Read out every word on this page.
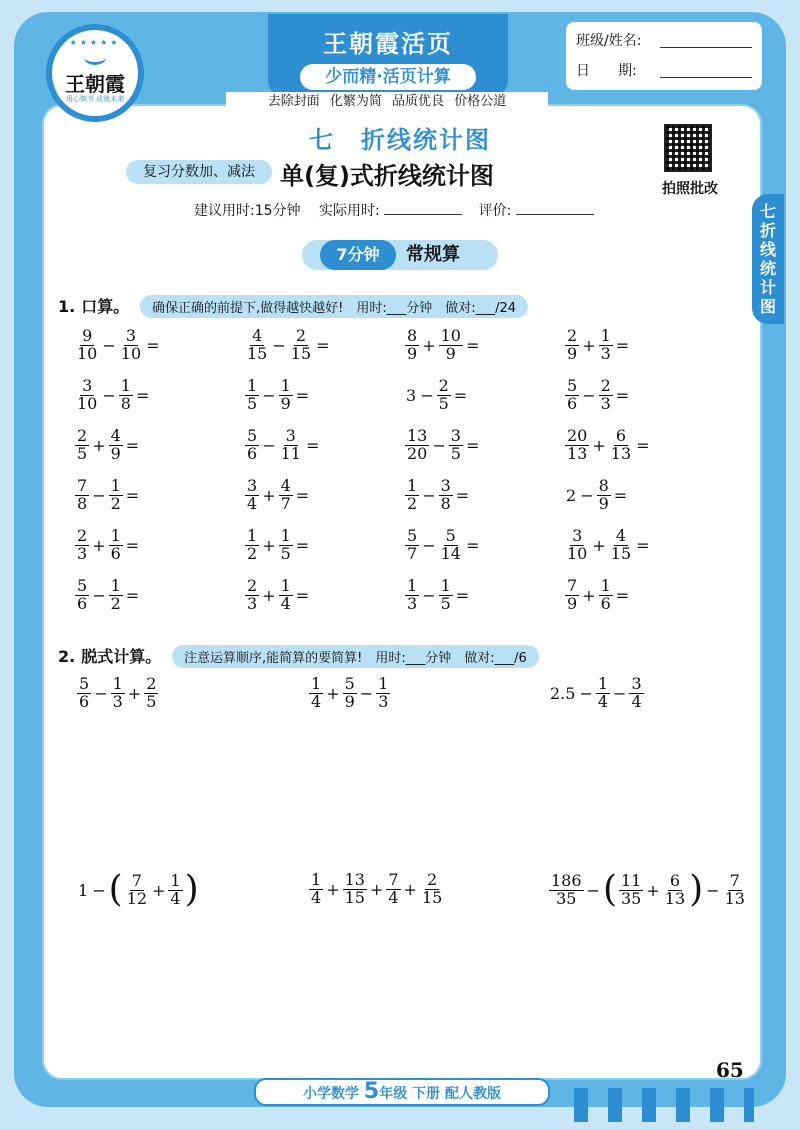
★★★★★
王朝霞
用心做书 成就未来
王朝霞活页
少而精·活页计算
班级/姓名:
日　　期:
去除封面 化繁为简 品质优良 价格公道
七　折线统计图
拍照批改
复习分数加、减法	单(复)式折线统计图
建议用时:15分钟 实际用时:	评价:	七折线统计图
7分钟	常规算
1. 口算。 确保正确的前提下,做得越快越好!　用时:___分钟　做对:___/24
$\frac{9}{10} - \frac{3}{10}$ =	$\frac{4}{15} - \frac{2}{15}$ =	$\frac{8}{9} + \frac{10}{9}$ =	$\frac{2}{9} + \frac{1}{3}$ =
$\frac{3}{10} - \frac{1}{8}$ =	$\frac{1}{5} - \frac{1}{9}$ =	$3 - \frac{2}{5}$ =	$\frac{5}{6} - \frac{2}{3}$ =
$\frac{2}{5} + \frac{4}{9}$ =	$\frac{5}{6} - \frac{3}{11}$ =	$\frac{13}{20} - \frac{3}{5}$ =	$\frac{20}{13} + \frac{6}{13}$ =
$\frac{7}{8} - \frac{1}{2}$ =	$\frac{3}{4} + \frac{4}{7}$ =	$\frac{1}{2} - \frac{3}{8}$ =	$2 - \frac{8}{9}$ =
$\frac{2}{3} + \frac{1}{6}$ =	$\frac{1}{2} + \frac{1}{5}$ =	$\frac{5}{7} - \frac{5}{14}$ =	$\frac{3}{10} + \frac{4}{15}$ =
$\frac{5}{6} - \frac{1}{2}$ =	$\frac{2}{3} + \frac{1}{4}$ =	$\frac{1}{3} - \frac{1}{5}$ =	$\frac{7}{9} + \frac{1}{6}$ =
2. 脱式计算。 注意运算顺序,能简算的要简算!　用时:___分钟　做对:___/6
$\frac{5}{6} - \frac{1}{3} + \frac{2}{5}$	$\frac{1}{4} + \frac{5}{9} - \frac{1}{3}$	$2.5 - \frac{1}{4} - \frac{3}{4}$
1 − ( $\frac{7}{12} + \frac{1}{4}$ )	$\frac{1}{4} + \frac{13}{15} + \frac{7}{4} + \frac{2}{15}$	$\frac{186}{35}$ − ( $\frac{11}{35} + \frac{6}{13}$ ) − $\frac{7}{13}$
65
小学数学 5年级 下册 配人教版
